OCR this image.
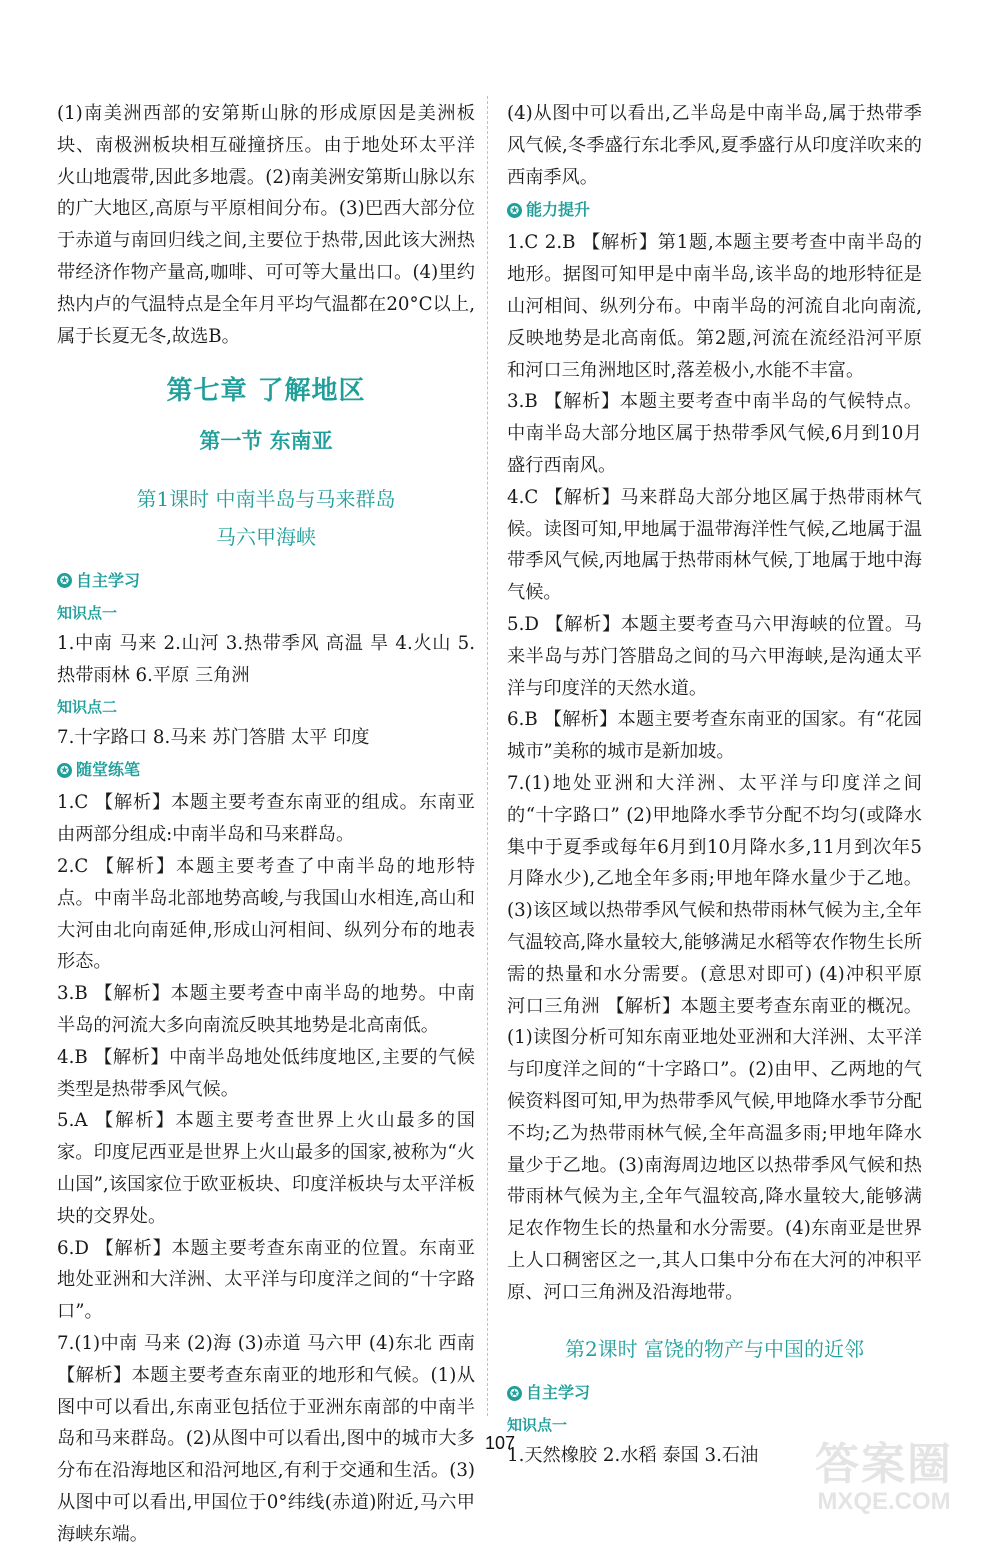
(1)南美洲西部的安第斯山脉的形成原因是美洲板块、南极洲板块相互碰撞挤压。由于地处环太平洋火山地震带,因此多地震。(2)南美洲安第斯山脉以东的广大地区,高原与平原相间分布。(3)巴西大部分位于赤道与南回归线之间,主要位于热带,因此该大洲热带经济作物产量高,咖啡、可可等大量出口。(4)里约热内卢的气温特点是全年月平均气温都在20°C以上,属于长夏无冬,故选B。

第七章 了解地区
第一节 东南亚
第1课时 中南半岛与马来群岛
马六甲海峡
✪ 自主学习
知识点一

1.中南 马来 2.山河 3.热带季风 高温 旱 4.火山 5.热带雨林 6.平原 三角洲

知识点二

7.十字路口 8.马来 苏门答腊 太平 印度

✪ 随堂练笔

1.C 【解析】本题主要考查东南亚的组成。东南亚由两部分组成:中南半岛和马来群岛。

2.C 【解析】本题主要考查了中南半岛的地形特点。中南半岛北部地势高峻,与我国山水相连,高山和大河由北向南延伸,形成山河相间、纵列分布的地表形态。

3.B 【解析】本题主要考查中南半岛的地势。中南半岛的河流大多向南流反映其地势是北高南低。

4.B 【解析】中南半岛地处低纬度地区,主要的气候类型是热带季风气候。

5.A 【解析】本题主要考查世界上火山最多的国家。印度尼西亚是世界上火山最多的国家,被称为“火山国”,该国家位于欧亚板块、印度洋板块与太平洋板块的交界处。

6.D 【解析】本题主要考查东南亚的位置。东南亚地处亚洲和大洋洲、太平洋与印度洋之间的“十字路口”。

7.(1)中南 马来 (2)海 (3)赤道 马六甲 (4)东北 西南 【解析】本题主要考查东南亚的地形和气候。(1)从图中可以看出,东南亚包括位于亚洲东南部的中南半岛和马来群岛。(2)从图中可以看出,图中的城市大多分布在沿海地区和沿河地区,有利于交通和生活。(3)从图中可以看出,甲国位于0°纬线(赤道)附近,马六甲海峡东端。

(4)从图中可以看出,乙半岛是中南半岛,属于热带季风气候,冬季盛行东北季风,夏季盛行从印度洋吹来的西南季风。

✪ 能力提升

1.C 2.B 【解析】第1题,本题主要考查中南半岛的地形。据图可知甲是中南半岛,该半岛的地形特征是山河相间、纵列分布。中南半岛的河流自北向南流,反映地势是北高南低。第2题,河流在流经沿河平原和河口三角洲地区时,落差极小,水能不丰富。

3.B 【解析】本题主要考查中南半岛的气候特点。中南半岛大部分地区属于热带季风气候,6月到10月盛行西南风。

4.C 【解析】马来群岛大部分地区属于热带雨林气候。读图可知,甲地属于温带海洋性气候,乙地属于温带季风气候,丙地属于热带雨林气候,丁地属于地中海气候。

5.D 【解析】本题主要考查马六甲海峡的位置。马来半岛与苏门答腊岛之间的马六甲海峡,是沟通太平洋与印度洋的天然水道。

6.B 【解析】本题主要考查东南亚的国家。有“花园城市”美称的城市是新加坡。

7.(1)地处亚洲和大洋洲、太平洋与印度洋之间的“十字路口” (2)甲地降水季节分配不均匀(或降水集中于夏季或每年6月到10月降水多,11月到次年5月降水少),乙地全年多雨;甲地年降水量少于乙地。(3)该区域以热带季风气候和热带雨林气候为主,全年气温较高,降水量较大,能够满足水稻等农作物生长所需的热量和水分需要。(意思对即可) (4)冲积平原 河口三角洲 【解析】本题主要考查东南亚的概况。(1)读图分析可知东南亚地处亚洲和大洋洲、太平洋与印度洋之间的“十字路口”。(2)由甲、乙两地的气候资料图可知,甲为热带季风气候,甲地降水季节分配不均;乙为热带雨林气候,全年高温多雨;甲地年降水量少于乙地。(3)南海周边地区以热带季风气候和热带雨林气候为主,全年气温较高,降水量较大,能够满足农作物生长的热量和水分需要。(4)东南亚是世界上人口稠密区之一,其人口集中分布在大河的冲积平原、河口三角洲及沿海地带。

第2课时 富饶的物产与中国的近邻
✪ 自主学习
知识点一

1.天然橡胶 2.水稻 泰国 3.石油

107	答案圈
MXQE.COM
